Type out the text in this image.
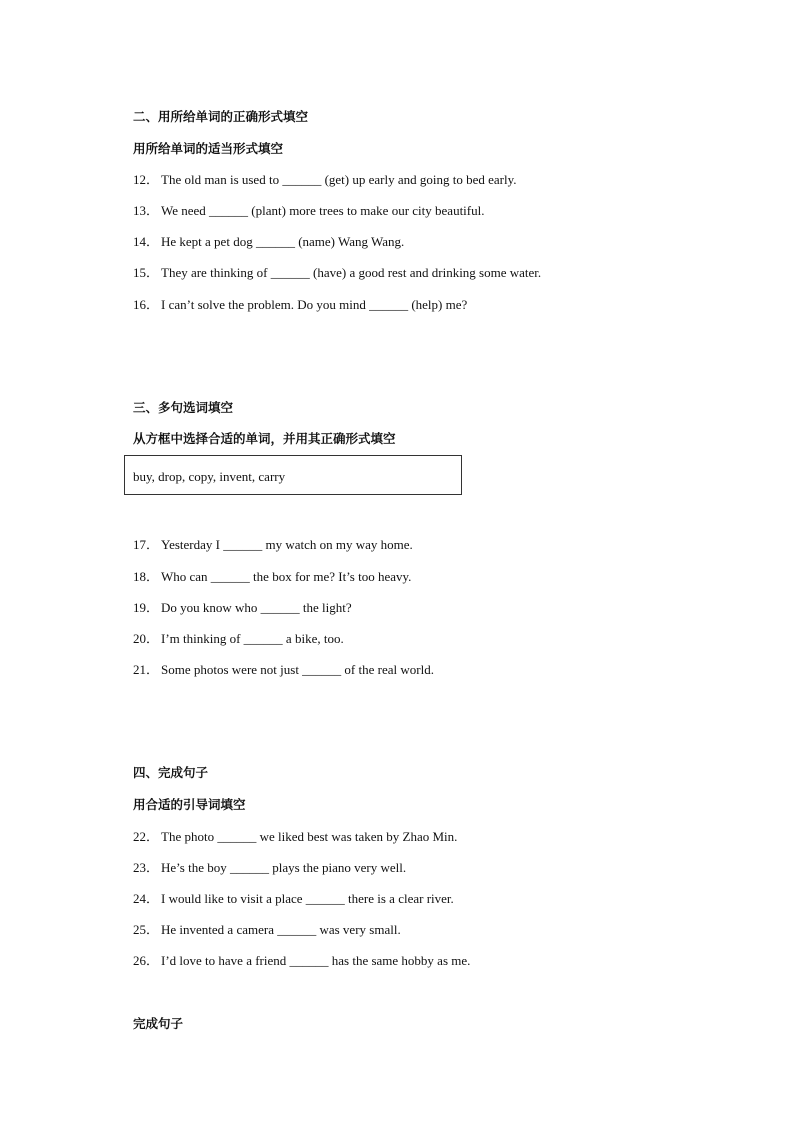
二、用所给单词的正确形式填空
用所给单词的适当形式填空
12． The old man is used to ______ (get) up early and going to bed early.
13． We need ______ (plant) more trees to make our city beautiful.
14． He kept a pet dog ______ (name) Wang Wang.
15． They are thinking of ______ (have) a good rest and drinking some water.
16． I can’t solve the problem. Do you mind ______ (help) me?
三、多句选词填空
从方框中选择合适的单词，并用其正确形式填空
buy, drop, copy, invent, carry
17． Yesterday I ______ my watch on my way home.
18． Who can ______ the box for me? It’s too heavy.
19． Do you know who ______ the light?
20． I’m thinking of ______ a bike, too.
21． Some photos were not just ______ of the real world.
四、完成句子
用合适的引导词填空
22． The photo ______ we liked best was taken by Zhao Min.
23． He’s the boy ______ plays the piano very well.
24． I would like to visit a place ______ there is a clear river.
25． He invented a camera ______ was very small.
26． I’d love to have a friend ______ has the same hobby as me.
完成句子
